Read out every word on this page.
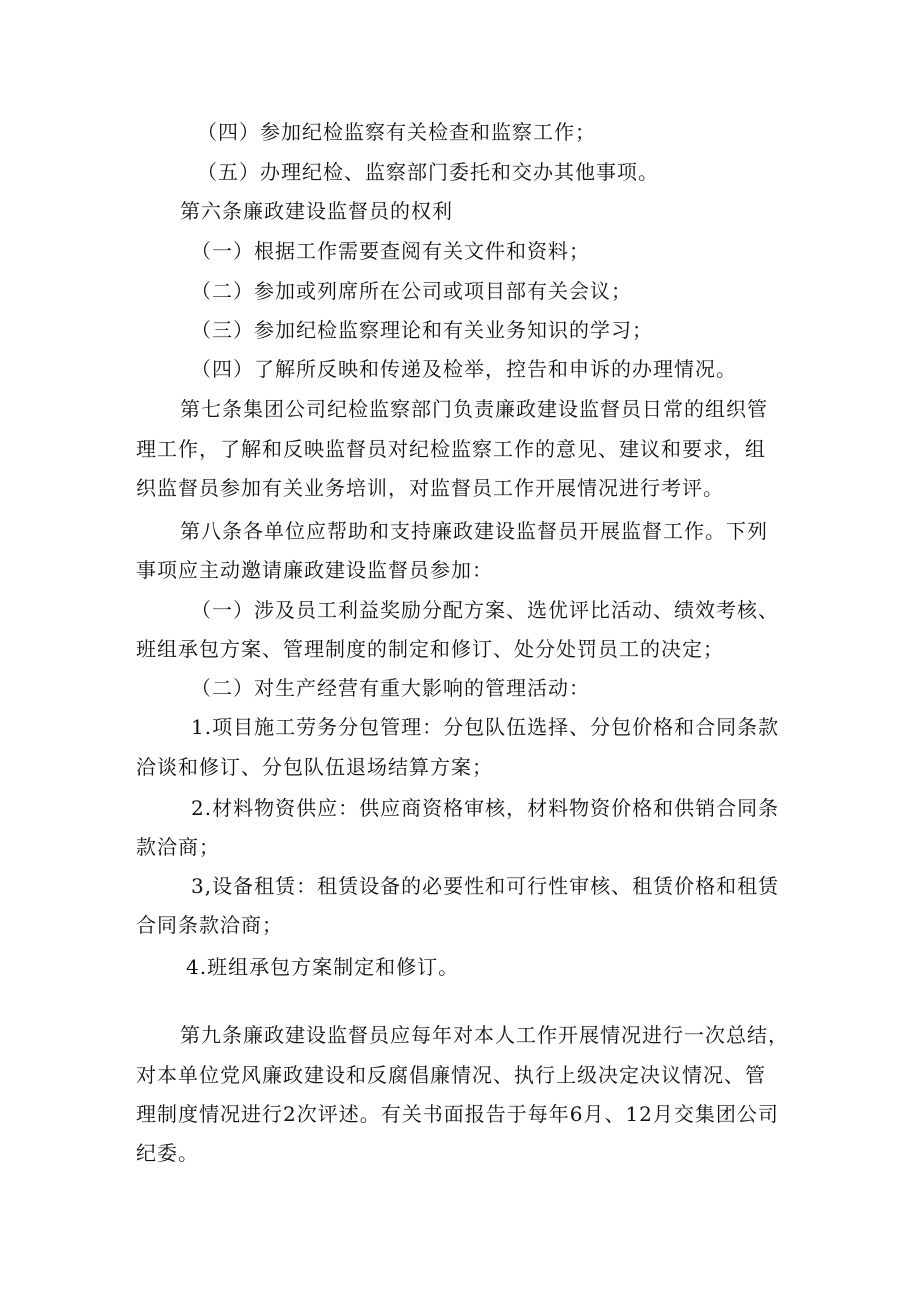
（四）参加纪检监察有关检查和监察工作；
（五）办理纪检、监察部门委托和交办其他事项。
第六条廉政建设监督员的权利
（一）根据工作需要查阅有关文件和资料；
（二）参加或列席所在公司或项目部有关会议；
（三）参加纪检监察理论和有关业务知识的学习；
（四）了解所反映和传递及检举，控告和申诉的办理情况。
第七条集团公司纪检监察部门负责廉政建设监督员日常的组织管
理工作，了解和反映监督员对纪检监察工作的意见、建议和要求，组
织监督员参加有关业务培训，对监督员工作开展情况进行考评。
第八条各单位应帮助和支持廉政建设监督员开展监督工作。下列
事项应主动邀请廉政建设监督员参加：
（一）涉及员工利益奖励分配方案、选优评比活动、绩效考核、
班组承包方案、管理制度的制定和修订、处分处罚员工的决定；
（二）对生产经营有重大影响的管理活动：
1.项目施工劳务分包管理：分包队伍选择、分包价格和合同条款
洽谈和修订、分包队伍退场结算方案；
2.材料物资供应：供应商资格审核，材料物资价格和供销合同条
款洽商；
3,设备租赁：租赁设备的必要性和可行性审核、租赁价格和租赁
合同条款洽商；
4.班组承包方案制定和修订。
第九条廉政建设监督员应每年对本人工作开展情况进行一次总结，
对本单位党风廉政建设和反腐倡廉情况、执行上级决定决议情况、管
理制度情况进行2次评述。有关书面报告于每年6月、12月交集团公司
纪委。
